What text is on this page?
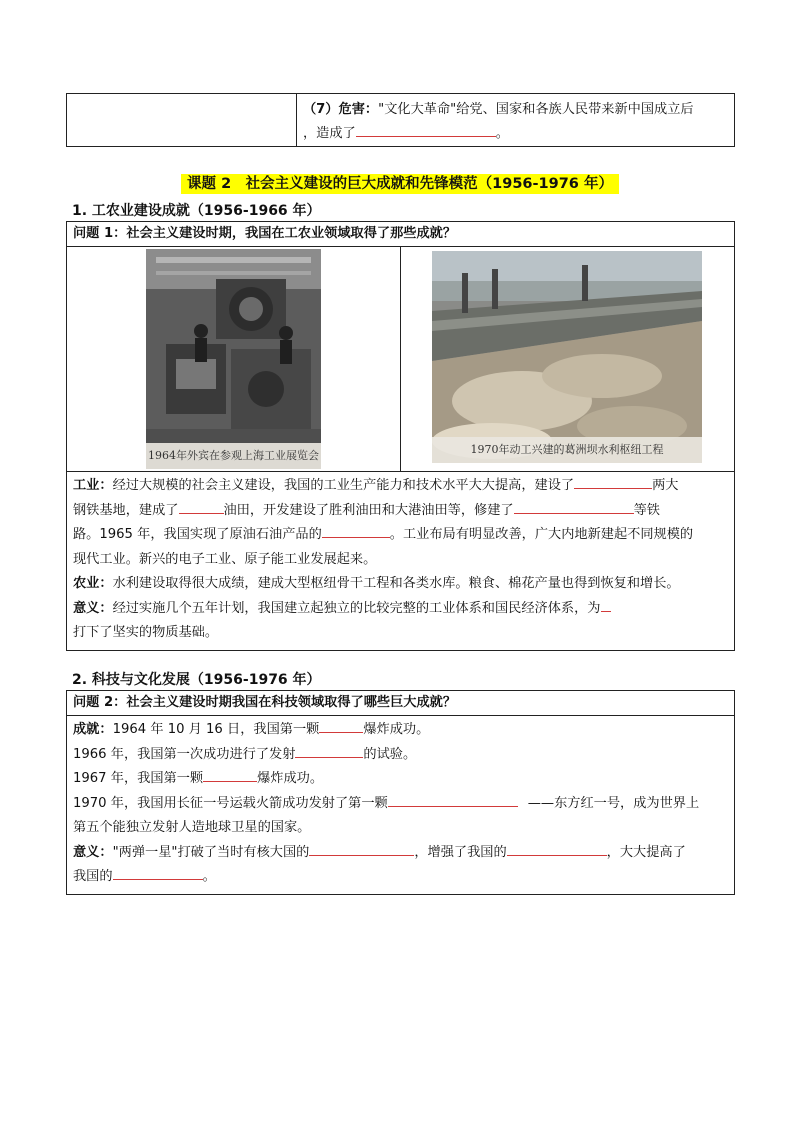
（7）危害："文化大革命"给党、国家和各族人民带来新中国成立后
，造成了	。
课题 2　社会主义建设的巨大成就和先锋模范（1956-1976 年）
1. 工农业建设成就（1956-1966 年）
问题 1：社会主义建设时期，我国在工农业领域取得了那些成就？

1964年外宾在参观上海工业展览会	1970年动工兴建的葛洲坝水利枢纽工程

工业：经过大规模的社会主义建设，我国的工业生产能力和技术水平大大提高，建设了	两大

钢铁基地，建成了	油田，开发建设了胜利油田和大港油田等，修建了	等铁

路。1965 年，我国实现了原油石油产品的	。工业布局有明显改善，广大内地新建起不同规模的

现代工业。新兴的电子工业、原子能工业发展起来。

农业：水利建设取得很大成绩，建成大型枢纽骨干工程和各类水库。粮食、棉花产量也得到恢复和增长。

意义：经过实施几个五年计划，我国建立起独立的比较完整的工业体系和国民经济体系，为

打下了坚实的物质基础。

2. 科技与文化发展（1956-1976 年）
问题 2：社会主义建设时期我国在科技领域取得了哪些巨大成就？

成就：1964 年 10 月 16 日，我国第一颗	爆炸成功。

1966 年，我国第一次成功进行了发射	的试验。

1967 年，我国第一颗	爆炸成功。

1970 年，我国用长征一号运载火箭成功发射了第一颗	——东方红一号，成为世界上

第五个能独立发射人造地球卫星的国家。

意义："两弹一星"打破了当时有核大国的	，增强了我国的	，大大提高了

我国的	。
